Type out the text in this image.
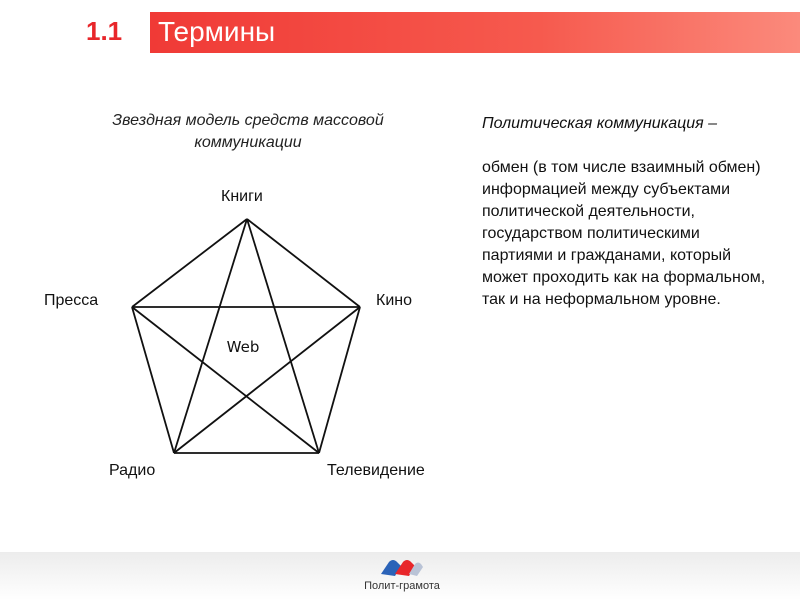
1.1 Термины
Звездная модель средств массовой коммуникации
Web
Книги
Пресса	Кино
Радио	Телевидение
Политическая коммуникация –
обмен (в том числе взаимный обмен) информацией между субъектами политической деятельности, государством политическими партиями и гражданами, который может проходить как на формальном, так и на неформальном уровне.
Полит-грамота
